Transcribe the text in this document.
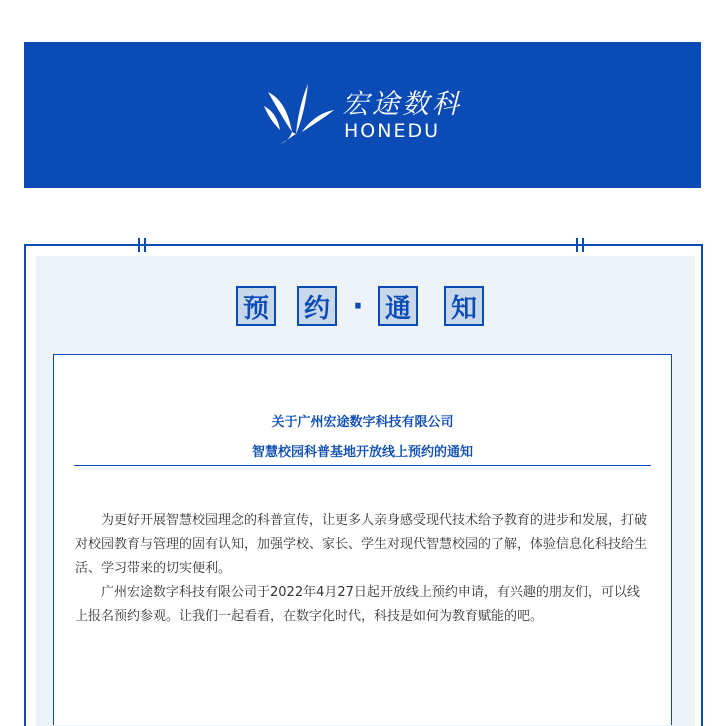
宏途数科
HONEDU
预 约 · 通 知
关于广州宏途数字科技有限公司
智慧校园科普基地开放线上预约的通知

为更好开展智慧校园理念的科普宣传，让更多人亲身感受现代技术给予教育的进步和发展，打破对校园教育与管理的固有认知，加强学校、家长、学生对现代智慧校园的了解，体验信息化科技给生活、学习带来的切实便利。

广州宏途数字科技有限公司于2022年4月27日起开放线上预约申请，有兴趣的朋友们，可以线上报名预约参观。让我们一起看看，在数字化时代，科技是如何为教育赋能的吧。
